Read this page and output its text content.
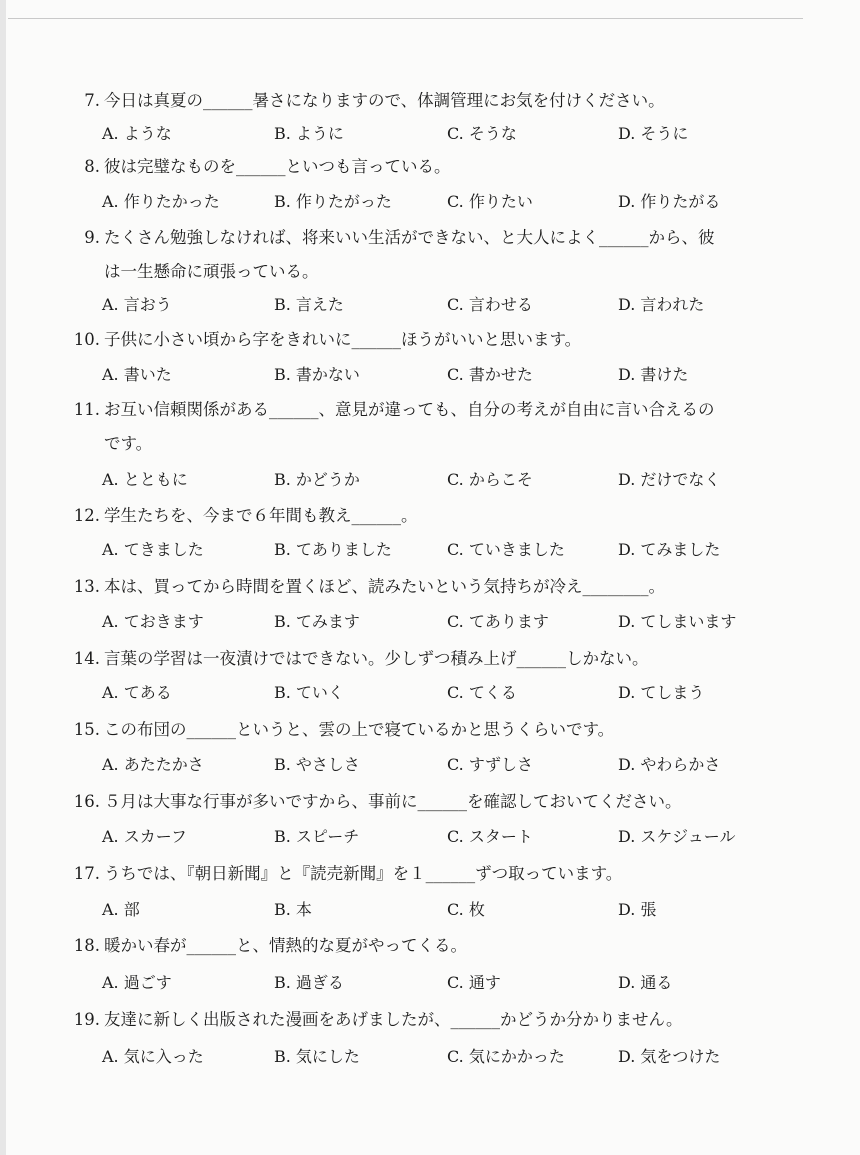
7. 今日は真夏の______暑さになりますので、体調管理にお気を付けください。
A. ような	B. ように	C. そうな	D. そうに
8. 彼は完璧なものを______といつも言っている。
A. 作りたかった	B. 作りたがった	C. 作りたい	D. 作りたがる
9. たくさん勉強しなければ、将来いい生活ができない、と大人によく______から、彼
は一生懸命に頑張っている。
A. 言おう	B. 言えた	C. 言わせる	D. 言われた
10. 子供に小さい頃から字をきれいに______ほうがいいと思います。
A. 書いた	B. 書かない	C. 書かせた	D. 書けた
11. お互い信頼関係がある______、意見が違っても、自分の考えが自由に言い合えるの
です。
A. とともに	B. かどうか	C. からこそ	D. だけでなく
12. 学生たちを、今まで６年間も教え______。
A. てきました	B. てありました	C. ていきました	D. てみました
13. 本は、買ってから時間を置くほど、読みたいという気持ちが冷え________。
A. ておきます	B. てみます	C. てあります	D. てしまいます
14. 言葉の学習は一夜漬けではできない。少しずつ積み上げ______しかない。
A. てある	B. ていく	C. てくる	D. てしまう
15. この布団の______というと、雲の上で寝ているかと思うくらいです。
A. あたたかさ	B. やさしさ	C. すずしさ	D. やわらかさ
16. ５月は大事な行事が多いですから、事前に______を確認しておいてください。
A. スカーフ	B. スピーチ	C. スタート	D. スケジュール
17. うちでは、『朝日新聞』と『読売新聞』を１______ずつ取っています。
A. 部	B. 本	C. 枚	D. 張
18. 暖かい春が______と、情熱的な夏がやってくる。
A. 過ごす	B. 過ぎる	C. 通す	D. 通る
19. 友達に新しく出版された漫画をあげましたが、______かどうか分かりません。
A. 気に入った	B. 気にした	C. 気にかかった	D. 気をつけた
